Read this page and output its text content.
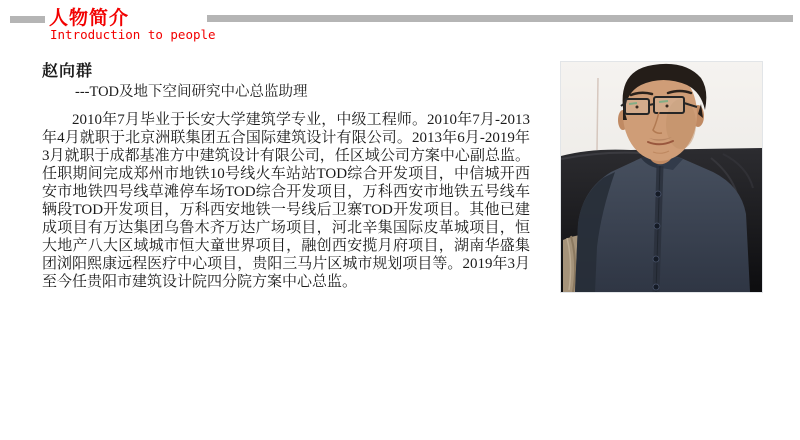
人物简介
Introduction to people
赵向群
---TOD及地下空间研究中心总监助理

2010年7月毕业于长安大学建筑学专业，中级工程师。2010年7月-2013年4月就职于北京洲联集团五合国际建筑设计有限公司。2013年6月-2019年3月就职于成都基准方中建筑设计有限公司，任区域公司方案中心副总监。任职期间完成郑州市地铁10号线火车站站TOD综合开发项目，中信城开西安市地铁四号线草滩停车场TOD综合开发项目，万科西安市地铁五号线车辆段TOD开发项目，万科西安地铁一号线后卫寨TOD开发项目。其他已建成项目有万达集团乌鲁木齐万达广场项目，河北辛集国际皮革城项目，恒大地产八大区域城市恒大童世界项目，融创西安揽月府项目，湖南华盛集团浏阳熙康远程医疗中心项目，贵阳三马片区城市规划项目等。2019年3月至今任贵阳市建筑设计院四分院方案中心总监。
